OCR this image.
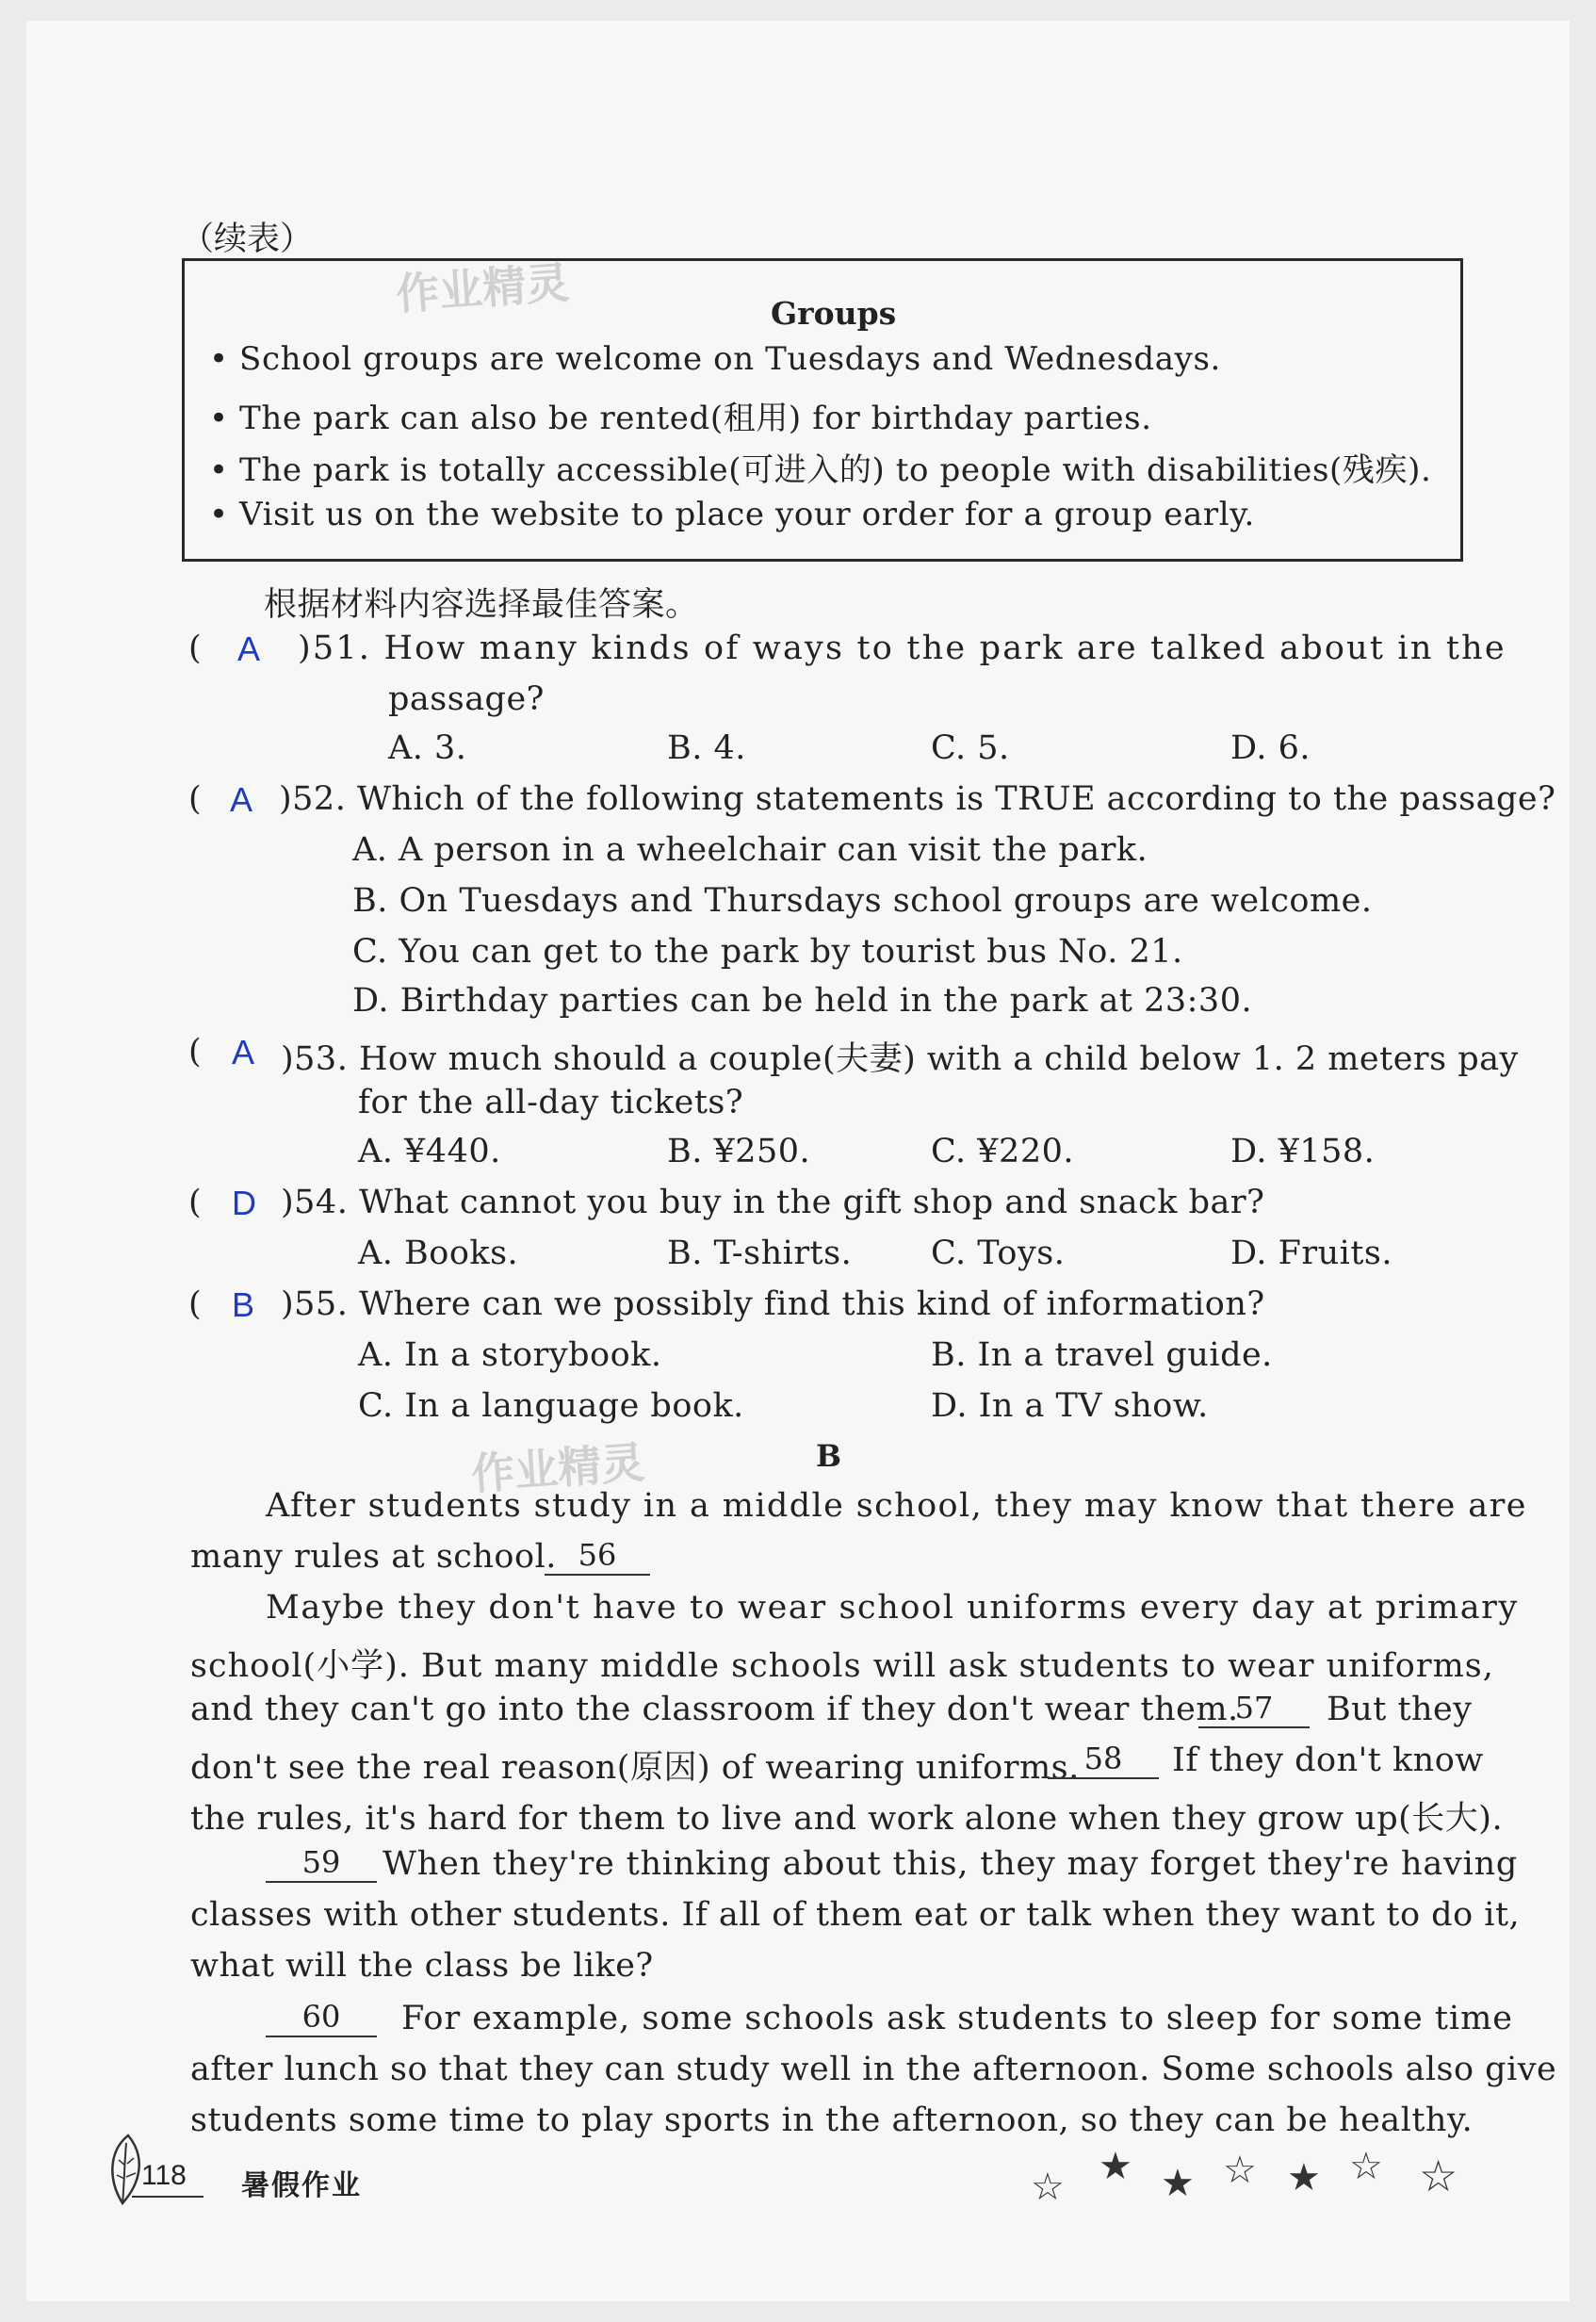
（续表）
作业精灵
作业精灵
Groups
• School groups are welcome on Tuesdays and Wednesdays.
• The park can also be rented(租用) for birthday parties.
• The park is totally accessible(可进入的) to people with disabilities(残疾).
• Visit us on the website to place your order for a group early.
根据材料内容选择最佳答案。
( A )51. How many kinds of ways to the park are talked about in the
passage?
A. 3.	B. 4.	C. 5.	D. 6.
( A )52. Which of the following statements is TRUE according to the passage?
A. A person in a wheelchair can visit the park.
B. On Tuesdays and Thursdays school groups are welcome.
C. You can get to the park by tourist bus No. 21.
D. Birthday parties can be held in the park at 23:30.
( A )53. How much should a couple(夫妻) with a child below 1. 2 meters pay
for the all-day tickets?
A. ¥440.	B. ¥250.	C. ¥220.	D. ¥158.
( D )54. What cannot you buy in the gift shop and snack bar?
A. Books.	B. T-shirts. C. Toys.	D. Fruits.
( B )55. Where can we possibly find this kind of information?
A. In a storybook.	B. In a travel guide.
C. In a language book.	D. In a TV show.
B
After students study in a middle school, they may know that there are
many rules at school. 56
Maybe they don't have to wear school uniforms every day at primary
school(小学). But many middle schools will ask students to wear uniforms,
and they can't go into the classroom if they don't wear them.
57	But they
don't see the real reason(原因) of wearing uniforms. 58	If they don't know
the rules, it's hard for them to live and work alone when they grow up(长大).
59	When they're thinking about this, they may forget they're having
classes with other students. If all of them eat or talk when they want to do it,
what will the class be like?
60	For example, some schools ask students to sleep for some time
after lunch so that they can study well in the afternoon. Some schools also give
students some time to play sports in the afternoon, so they can be healthy.
118 暑假作业	☆ ★ ★ ☆ ★ ☆ ☆
